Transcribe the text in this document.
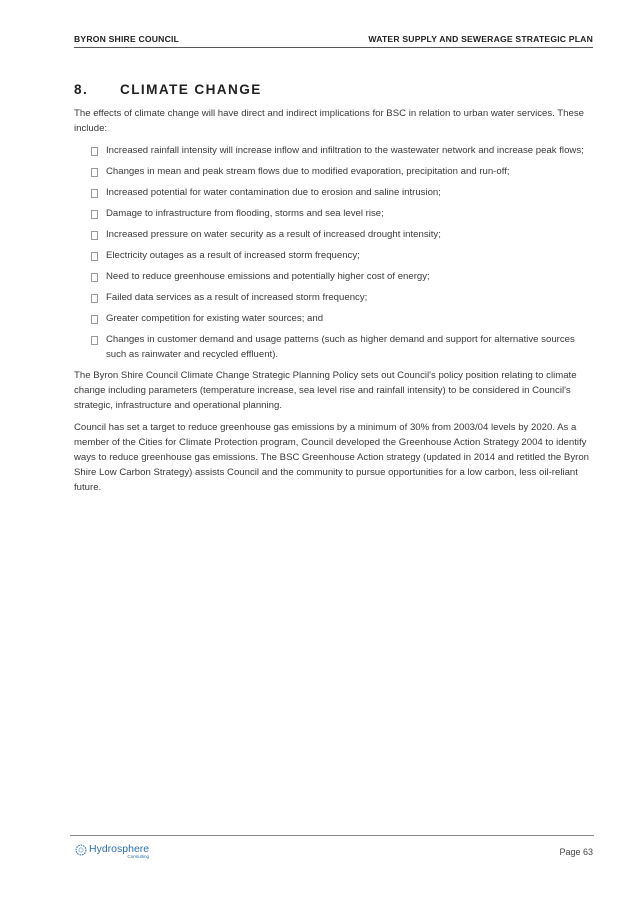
BYRON SHIRE COUNCIL	WATER SUPPLY AND SEWERAGE STRATEGIC PLAN
8.	CLIMATE CHANGE

The effects of climate change will have direct and indirect implications for BSC in relation to urban water services. These include:

Increased rainfall intensity will increase inflow and infiltration to the wastewater network and increase peak flows;
Changes in mean and peak stream flows due to modified evaporation, precipitation and run-off;
Increased potential for water contamination due to erosion and saline intrusion;
Damage to infrastructure from flooding, storms and sea level rise;
Increased pressure on water security as a result of increased drought intensity;
Electricity outages as a result of increased storm frequency;
Need to reduce greenhouse emissions and potentially higher cost of energy;
Failed data services as a result of increased storm frequency;
Greater competition for existing water sources; and
Changes in customer demand and usage patterns (such as higher demand and support for alternative sources such as rainwater and recycled effluent).

The Byron Shire Council Climate Change Strategic Planning Policy sets out Council's policy position relating to climate change including parameters (temperature increase, sea level rise and rainfall intensity) to be considered in Council's strategic, infrastructure and operational planning.

Council has set a target to reduce greenhouse gas emissions by a minimum of 30% from 2003/04 levels by 2020. As a member of the Cities for Climate Protection program, Council developed the Greenhouse Action Strategy 2004 to identify ways to reduce greenhouse gas emissions. The BSC Greenhouse Action strategy (updated in 2014 and retitled the Byron Shire Low Carbon Strategy) assists Council and the community to pursue opportunities for a low carbon, less oil-reliant future.

Hydrosphere
Consulting	Page 63
